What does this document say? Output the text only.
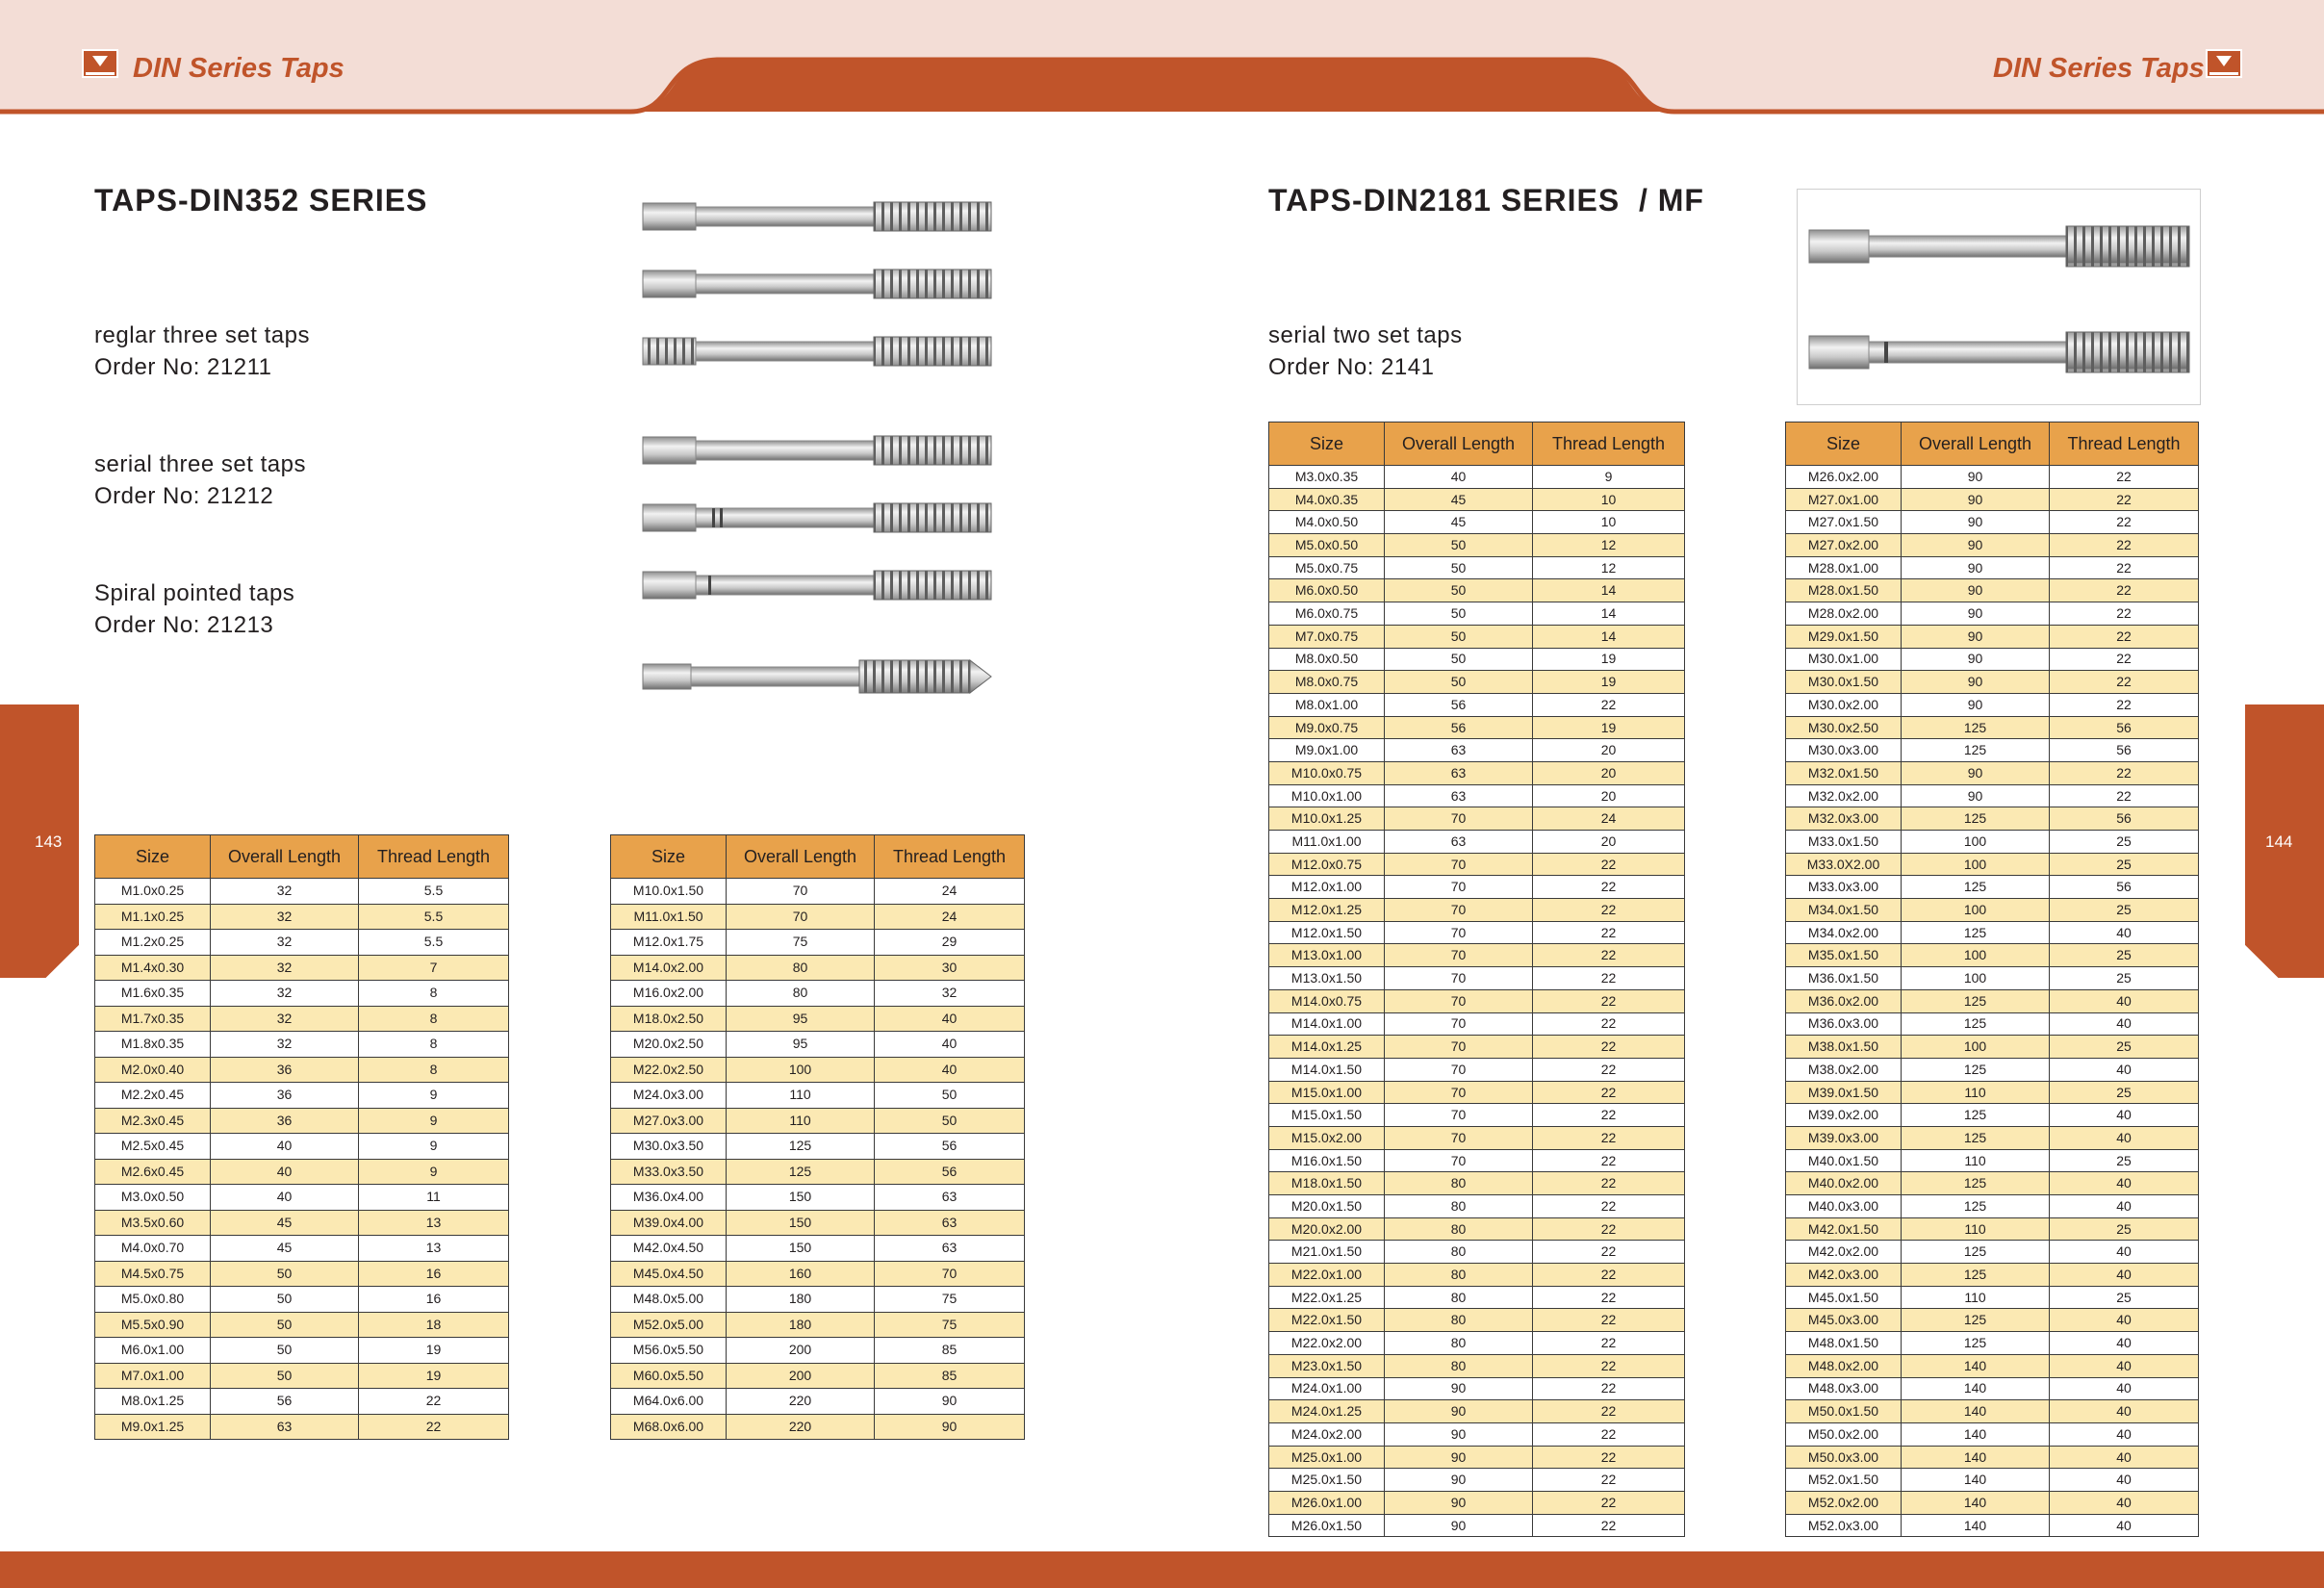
DIN Series Taps	DIN Series Taps
143	144
TAPS-DIN352 SERIES
reglar three set taps
Order No: 21211
serial three set taps
Order No: 21212
Spiral pointed taps
Order No: 21213
TAPS-DIN2181 SERIES  / MF
serial two set taps
Order No: 2141
Size	Overall Length	Thread Length
M1.0x0.25	32	5.5
M1.1x0.25	32	5.5
M1.2x0.25	32	5.5
M1.4x0.30	32	7
M1.6x0.35	32	8
M1.7x0.35	32	8
M1.8x0.35	32	8
M2.0x0.40	36	8
M2.2x0.45	36	9
M2.3x0.45	36	9
M2.5x0.45	40	9
M2.6x0.45	40	9
M3.0x0.50	40	11
M3.5x0.60	45	13
M4.0x0.70	45	13
M4.5x0.75	50	16
M5.0x0.80	50	16
M5.5x0.90	50	18
M6.0x1.00	50	19
M7.0x1.00	50	19
M8.0x1.25	56	22
M9.0x1.25	63	22
Size	Overall Length	Thread Length
M10.0x1.50	70	24
M11.0x1.50	70	24
M12.0x1.75	75	29
M14.0x2.00	80	30
M16.0x2.00	80	32
M18.0x2.50	95	40
M20.0x2.50	95	40
M22.0x2.50	100	40
M24.0x3.00	110	50
M27.0x3.00	110	50
M30.0x3.50	125	56
M33.0x3.50	125	56
M36.0x4.00	150	63
M39.0x4.00	150	63
M42.0x4.50	150	63
M45.0x4.50	160	70
M48.0x5.00	180	75
M52.0x5.00	180	75
M56.0x5.50	200	85
M60.0x5.50	200	85
M64.0x6.00	220	90
M68.0x6.00	220	90
Size	Overall Length	Thread Length
M3.0x0.35	40	9
M4.0x0.35	45	10
M4.0x0.50	45	10
M5.0x0.50	50	12
M5.0x0.75	50	12
M6.0x0.50	50	14
M6.0x0.75	50	14
M7.0x0.75	50	14
M8.0x0.50	50	19
M8.0x0.75	50	19
M8.0x1.00	56	22
M9.0x0.75	56	19
M9.0x1.00	63	20
M10.0x0.75	63	20
M10.0x1.00	63	20
M10.0x1.25	70	24
M11.0x1.00	63	20
M12.0x0.75	70	22
M12.0x1.00	70	22
M12.0x1.25	70	22
M12.0x1.50	70	22
M13.0x1.00	70	22
M13.0x1.50	70	22
M14.0x0.75	70	22
M14.0x1.00	70	22
M14.0x1.25	70	22
M14.0x1.50	70	22
M15.0x1.00	70	22
M15.0x1.50	70	22
M15.0x2.00	70	22
M16.0x1.50	70	22
M18.0x1.50	80	22
M20.0x1.50	80	22
M20.0x2.00	80	22
M21.0x1.50	80	22
M22.0x1.00	80	22
M22.0x1.25	80	22
M22.0x1.50	80	22
M22.0x2.00	80	22
M23.0x1.50	80	22
M24.0x1.00	90	22
M24.0x1.25	90	22
M24.0x2.00	90	22
M25.0x1.00	90	22
M25.0x1.50	90	22
M26.0x1.00	90	22
M26.0x1.50	90	22
Size	Overall Length	Thread Length
M26.0x2.00	90	22
M27.0x1.00	90	22
M27.0x1.50	90	22
M27.0x2.00	90	22
M28.0x1.00	90	22
M28.0x1.50	90	22
M28.0x2.00	90	22
M29.0x1.50	90	22
M30.0x1.00	90	22
M30.0x1.50	90	22
M30.0x2.00	90	22
M30.0x2.50	125	56
M30.0x3.00	125	56
M32.0x1.50	90	22
M32.0x2.00	90	22
M32.0x3.00	125	56
M33.0x1.50	100	25
M33.0X2.00	100	25
M33.0x3.00	125	56
M34.0x1.50	100	25
M34.0x2.00	125	40
M35.0x1.50	100	25
M36.0x1.50	100	25
M36.0x2.00	125	40
M36.0x3.00	125	40
M38.0x1.50	100	25
M38.0x2.00	125	40
M39.0x1.50	110	25
M39.0x2.00	125	40
M39.0x3.00	125	40
M40.0x1.50	110	25
M40.0x2.00	125	40
M40.0x3.00	125	40
M42.0x1.50	110	25
M42.0x2.00	125	40
M42.0x3.00	125	40
M45.0x1.50	110	25
M45.0x3.00	125	40
M48.0x1.50	125	40
M48.0x2.00	140	40
M48.0x3.00	140	40
M50.0x1.50	140	40
M50.0x2.00	140	40
M50.0x3.00	140	40
M52.0x1.50	140	40
M52.0x2.00	140	40
M52.0x3.00	140	40
